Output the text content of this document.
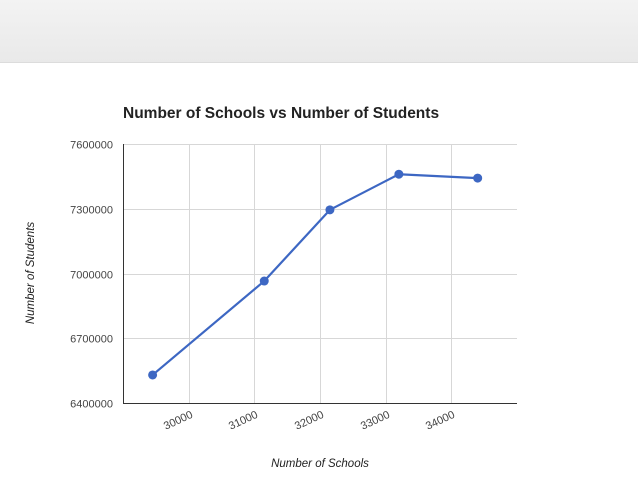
Number of Schools vs Number of Students
6400000
6700000
7000000
7300000
7600000
30000	31000	32000	33000	34000
Number of Schools
Number of Students
